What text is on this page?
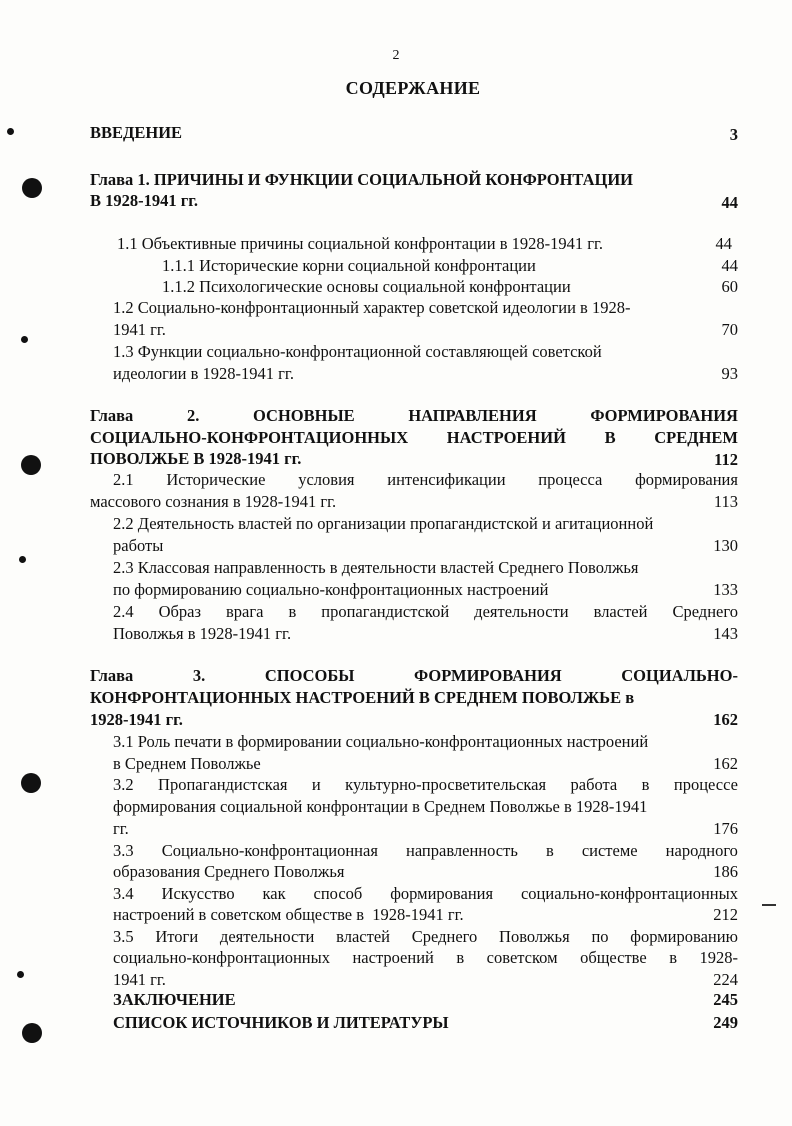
2
СОДЕРЖАНИЕ
ВВЕДЕНИЕ	3
Глава 1. ПРИЧИНЫ И ФУНКЦИИ СОЦИАЛЬНОЙ КОНФРОНТАЦИИ
В 1928-1941 гг.	44
1.1 Объективные причины социальной конфронтации в 1928-1941 гг.	44
1.1.1 Исторические корни социальной конфронтации	44
1.1.2 Психологические основы социальной конфронтации	60
1.2 Социально-конфронтационный характер советской идеологии в 1928-
1941 гг.	70
1.3 Функции социально-конфронтационной составляющей советской
идеологии в 1928-1941 гг.	93
Глава	2.	ОСНОВНЫЕ	НАПРАВЛЕНИЯ	ФОРМИРОВАНИЯ
СОЦИАЛЬНО-КОНФРОНТАЦИОННЫХ НАСТРОЕНИЙ В СРЕДНЕМ
ПОВОЛЖЬЕ В 1928-1941 гг.	112
2.1 Исторические условия интенсификации процесса формирования
массового сознания в 1928-1941 гг.	113
2.2 Деятельность властей по организации пропагандистской и агитационной
работы	130
2.3 Классовая направленность в деятельности властей Среднего Поволжья
по формированию социально-конфронтационных настроений	133
2.4 Образ врага в пропагандистской деятельности властей Среднего
Поволжья в 1928-1941 гг.	143
Глава	3.	СПОСОБЫ	ФОРМИРОВАНИЯ	СОЦИАЛЬНО-
КОНФРОНТАЦИОННЫХ НАСТРОЕНИЙ В СРЕДНЕМ ПОВОЛЖЬЕ в
1928-1941 гг.	162
3.1 Роль печати в формировании социально-конфронтационных настроений
в Среднем Поволжье	162
3.2 Пропагандистская и культурно-просветительская работа в процессе
формирования социальной конфронтации в Среднем Поволжье в 1928-1941
гг.	176
3.3 Социально-конфронтационная направленность в системе народного
образования Среднего Поволжья	186
3.4 Искусство как способ формирования социально-конфронтационных
настроений в советском обществе в  1928-1941 гг.	212
3.5 Итоги деятельности властей Среднего Поволжья по формированию
социально-конфронтационных настроений в советском обществе в 1928-
1941 гг.	224
ЗАКЛЮЧЕНИЕ	245
СПИСОК ИСТОЧНИКОВ И ЛИТЕРАТУРЫ	249
